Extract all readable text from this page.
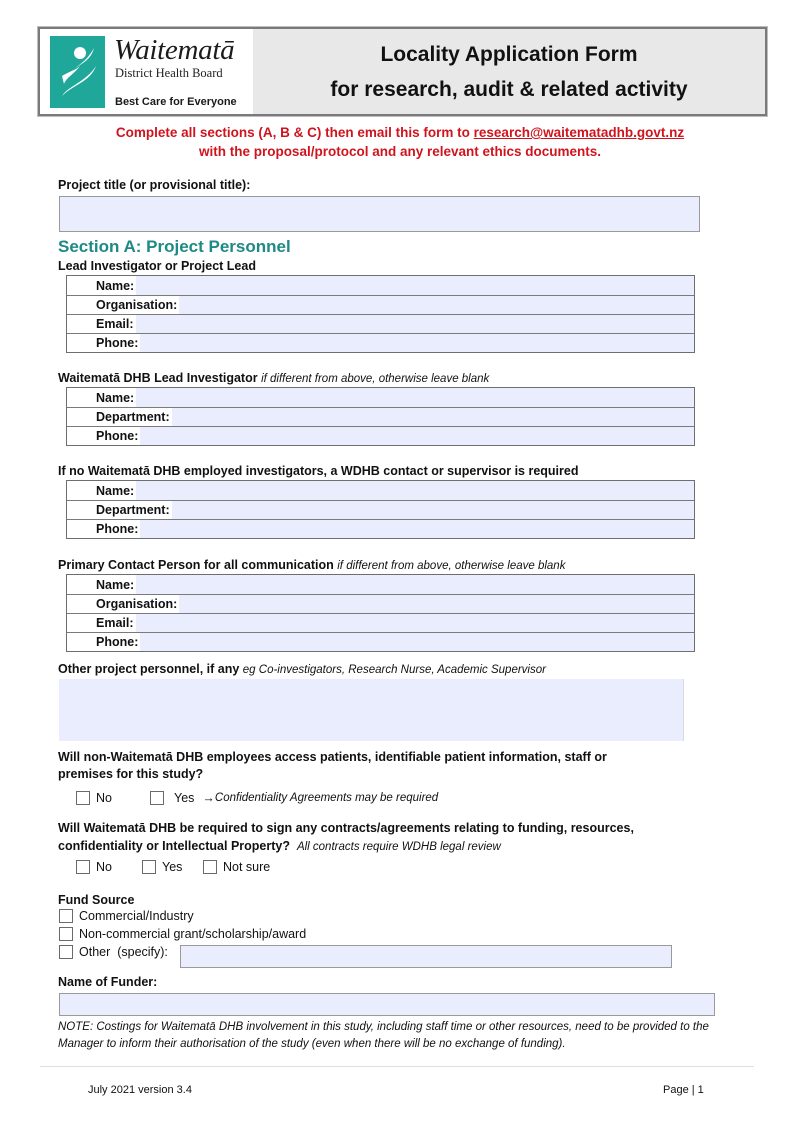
Waitematā
District Health Board
Best Care for Everyone
Locality Application Form
for research, audit & related activity
Complete all sections (A, B & C) then email this form to research@waitematadhb.govt.nz
with the proposal/protocol and any relevant ethics documents.
Project title (or provisional title):
Section A: Project Personnel
Lead Investigator or Project Lead
Name:
Organisation:
Email:
Phone:
Waitematā DHB Lead Investigator if different from above, otherwise leave blank
Name:
Department:
Phone:
If no Waitematā DHB employed investigators, a WDHB contact or supervisor is required
Name:
Department:
Phone:
Primary Contact Person for all communication if different from above, otherwise leave blank
Name:
Organisation:
Email:
Phone:
Other project personnel, if any eg Co-investigators, Research Nurse, Academic Supervisor
Will non-Waitematā DHB employees access patients, identifiable patient information, staff or
premises for this study?
No	Yes → Confidentiality Agreements may be required
Will Waitematā DHB be required to sign any contracts/agreements relating to funding, resources,
confidentiality or Intellectual Property? All contracts require WDHB legal review
No	Yes	Not sure
Fund Source
Commercial/Industry
Non-commercial grant/scholarship/award
Other  (specify):
Name of Funder:
NOTE: Costings for Waitematā DHB involvement in this study, including staff time or other resources, need to be provided to the Manager to inform their authorisation of the study (even when there will be no exchange of funding).
July 2021 version 3.4	Page | 1
